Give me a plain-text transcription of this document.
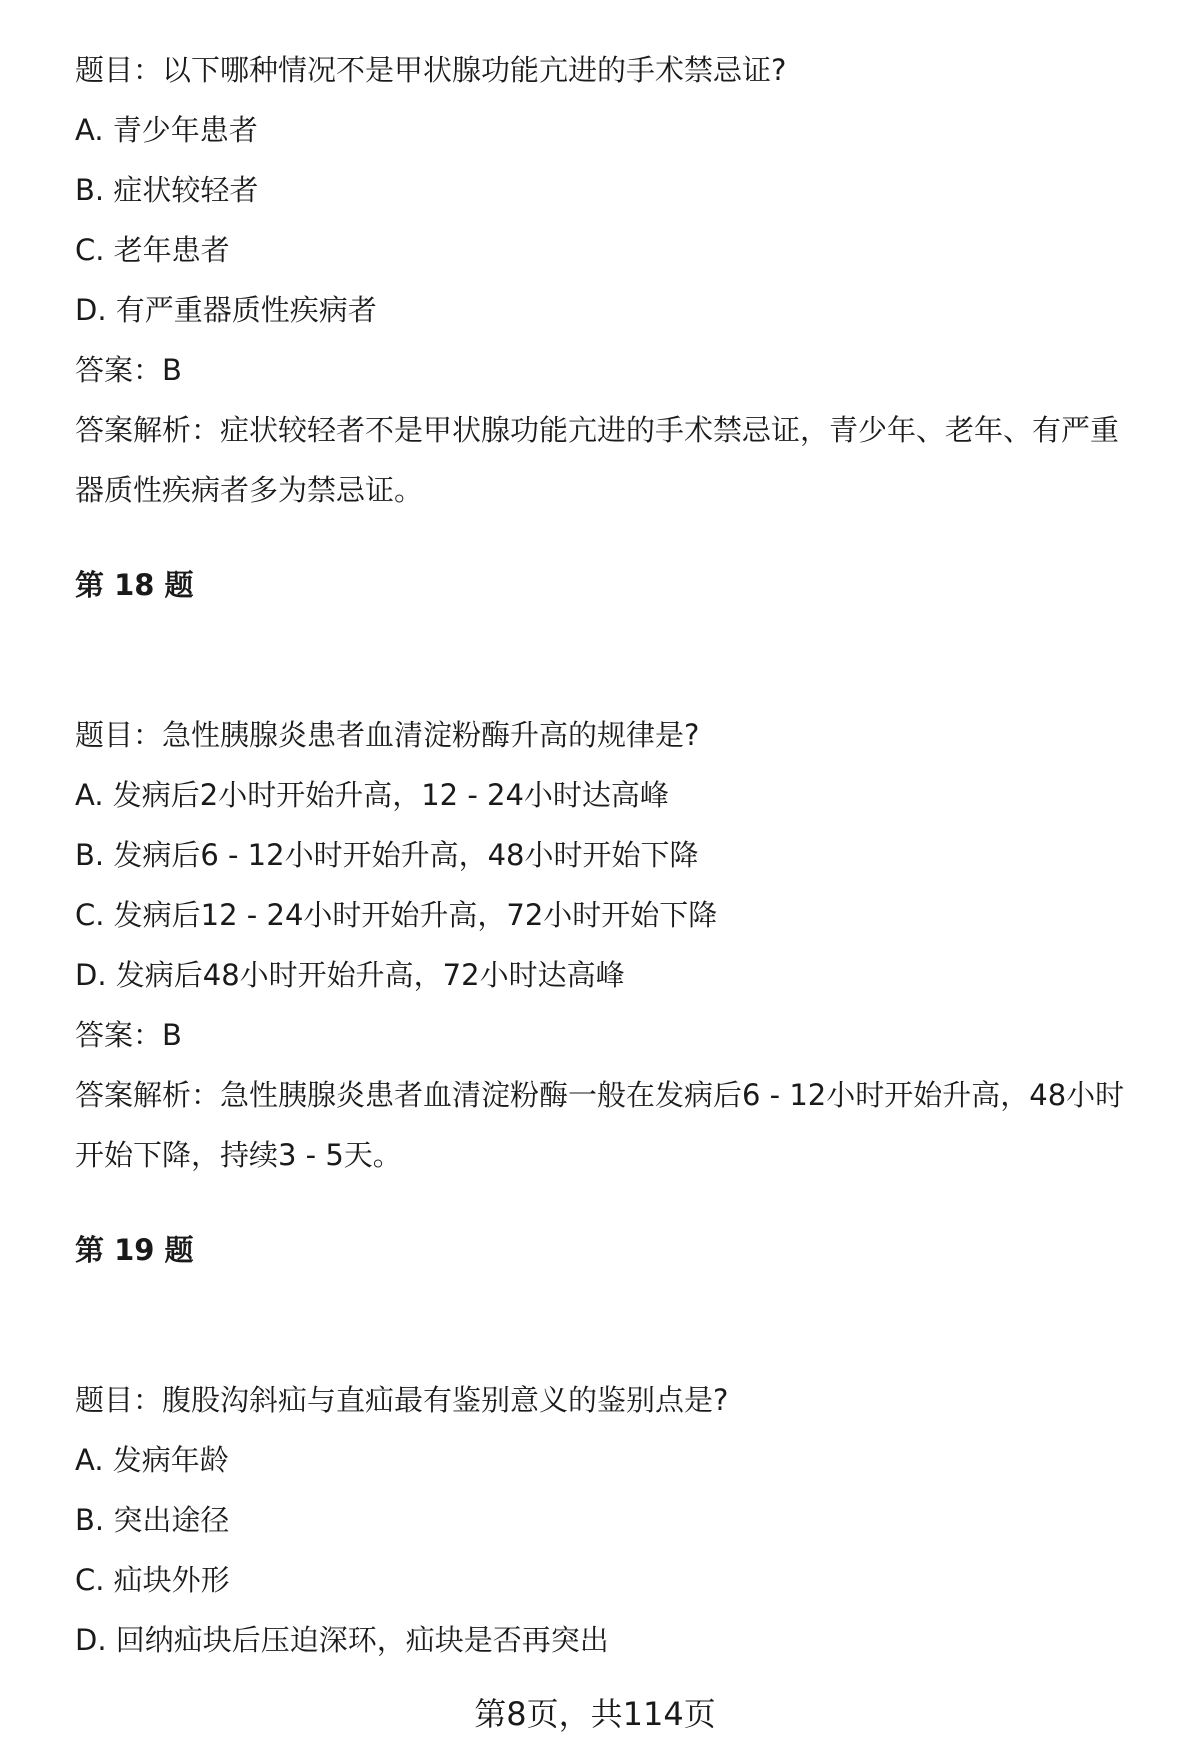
题目：以下哪种情况不是甲状腺功能亢进的手术禁忌证?
A. 青少年患者
B. 症状较轻者
C. 老年患者
D. 有严重器质性疾病者
答案：B
答案解析：症状较轻者不是甲状腺功能亢进的手术禁忌证，青少年、老年、有严重
器质性疾病者多为禁忌证。
第 18 题
题目：急性胰腺炎患者血清淀粉酶升高的规律是?
A. 发病后2小时开始升高，12 - 24小时达高峰
B. 发病后6 - 12小时开始升高，48小时开始下降
C. 发病后12 - 24小时开始升高，72小时开始下降
D. 发病后48小时开始升高，72小时达高峰
答案：B
答案解析：急性胰腺炎患者血清淀粉酶一般在发病后6 - 12小时开始升高，48小时
开始下降，持续3 - 5天。
第 19 题
题目：腹股沟斜疝与直疝最有鉴别意义的鉴别点是?
A. 发病年龄
B. 突出途径
C. 疝块外形
D. 回纳疝块后压迫深环，疝块是否再突出
第8页，共114页
